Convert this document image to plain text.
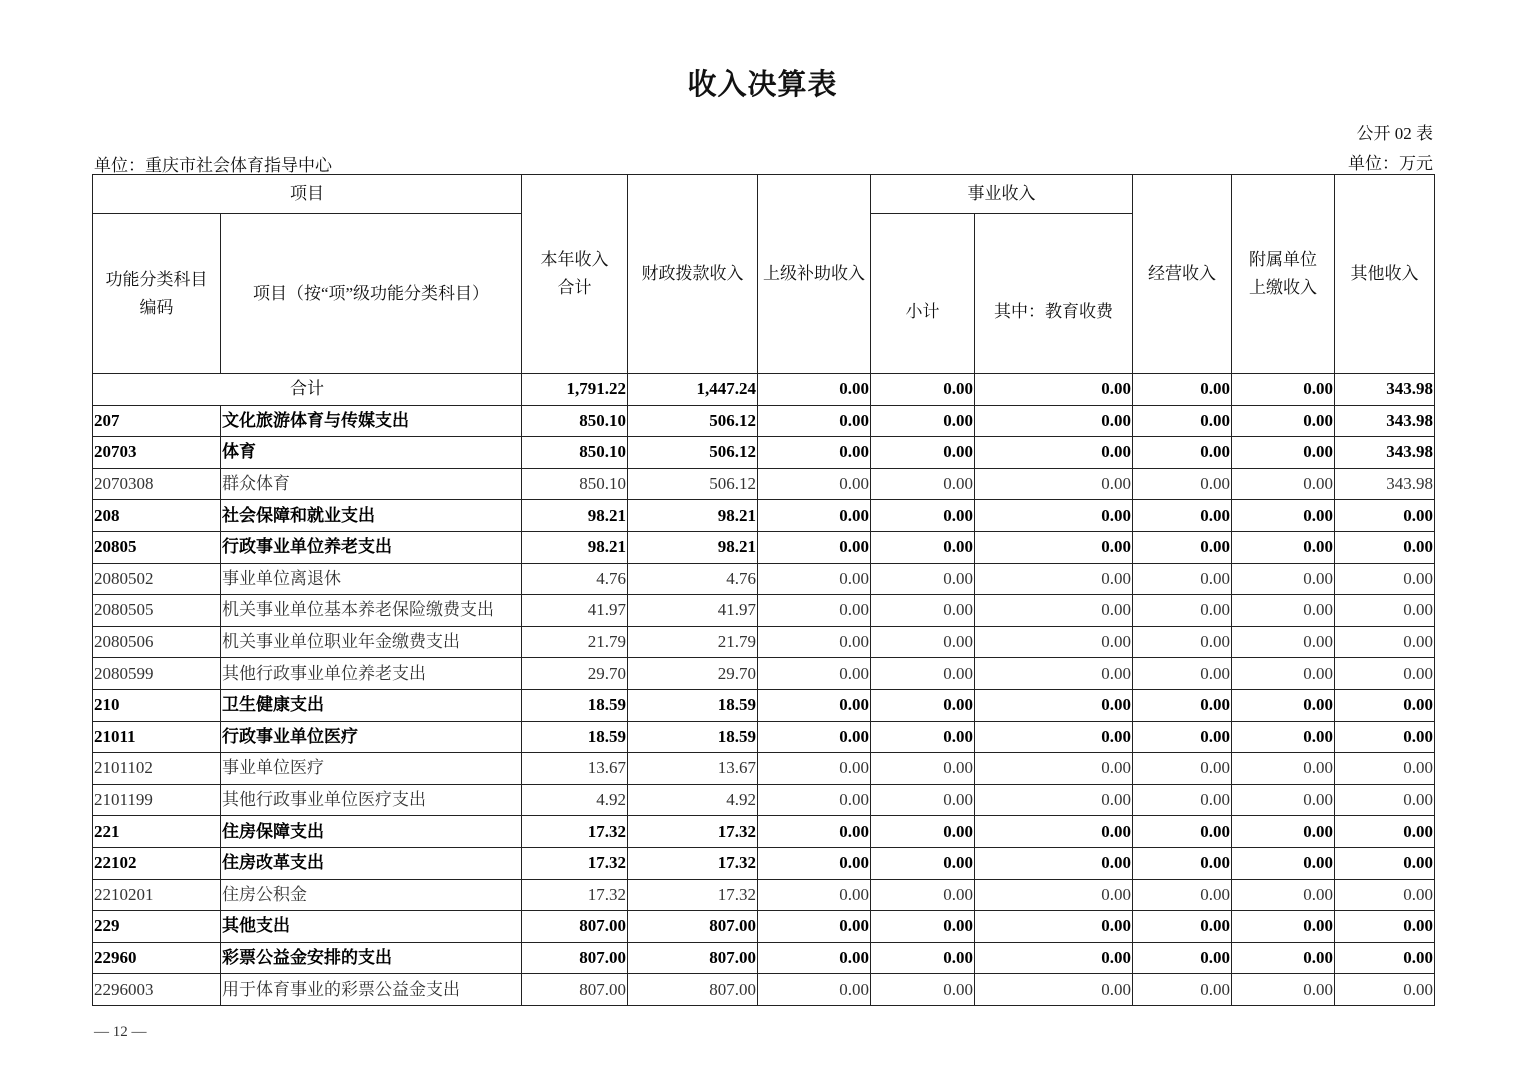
收入决算表
公开 02 表
单位：重庆市社会体育指导中心	单位：万元
项目		本年收入合计	财政拨款收入	上级补助收入	事业收入		经营收入	附属单位上缴收入	其他收入
功能分类科目编码	项目（按“项”级功能分类科目）				小计	其中：教育收费			
合计		1,791.22	1,447.24	0.00	0.00	0.00	0.00	0.00	343.98
207	文化旅游体育与传媒支出	850.10	506.12	0.00	0.00	0.00	0.00	0.00	343.98
20703	体育	850.10	506.12	0.00	0.00	0.00	0.00	0.00	343.98
2070308	群众体育	850.10	506.12	0.00	0.00	0.00	0.00	0.00	343.98
208	社会保障和就业支出	98.21	98.21	0.00	0.00	0.00	0.00	0.00	0.00
20805	行政事业单位养老支出	98.21	98.21	0.00	0.00	0.00	0.00	0.00	0.00
2080502	事业单位离退休	4.76	4.76	0.00	0.00	0.00	0.00	0.00	0.00
2080505	机关事业单位基本养老保险缴费支出	41.97	41.97	0.00	0.00	0.00	0.00	0.00	0.00
2080506	机关事业单位职业年金缴费支出	21.79	21.79	0.00	0.00	0.00	0.00	0.00	0.00
2080599	其他行政事业单位养老支出	29.70	29.70	0.00	0.00	0.00	0.00	0.00	0.00
210	卫生健康支出	18.59	18.59	0.00	0.00	0.00	0.00	0.00	0.00
21011	行政事业单位医疗	18.59	18.59	0.00	0.00	0.00	0.00	0.00	0.00
2101102	事业单位医疗	13.67	13.67	0.00	0.00	0.00	0.00	0.00	0.00
2101199	其他行政事业单位医疗支出	4.92	4.92	0.00	0.00	0.00	0.00	0.00	0.00
221	住房保障支出	17.32	17.32	0.00	0.00	0.00	0.00	0.00	0.00
22102	住房改革支出	17.32	17.32	0.00	0.00	0.00	0.00	0.00	0.00
2210201	住房公积金	17.32	17.32	0.00	0.00	0.00	0.00	0.00	0.00
229	其他支出	807.00	807.00	0.00	0.00	0.00	0.00	0.00	0.00
22960	彩票公益金安排的支出	807.00	807.00	0.00	0.00	0.00	0.00	0.00	0.00
2296003	用于体育事业的彩票公益金支出	807.00	807.00	0.00	0.00	0.00	0.00	0.00	0.00
— 12 —
